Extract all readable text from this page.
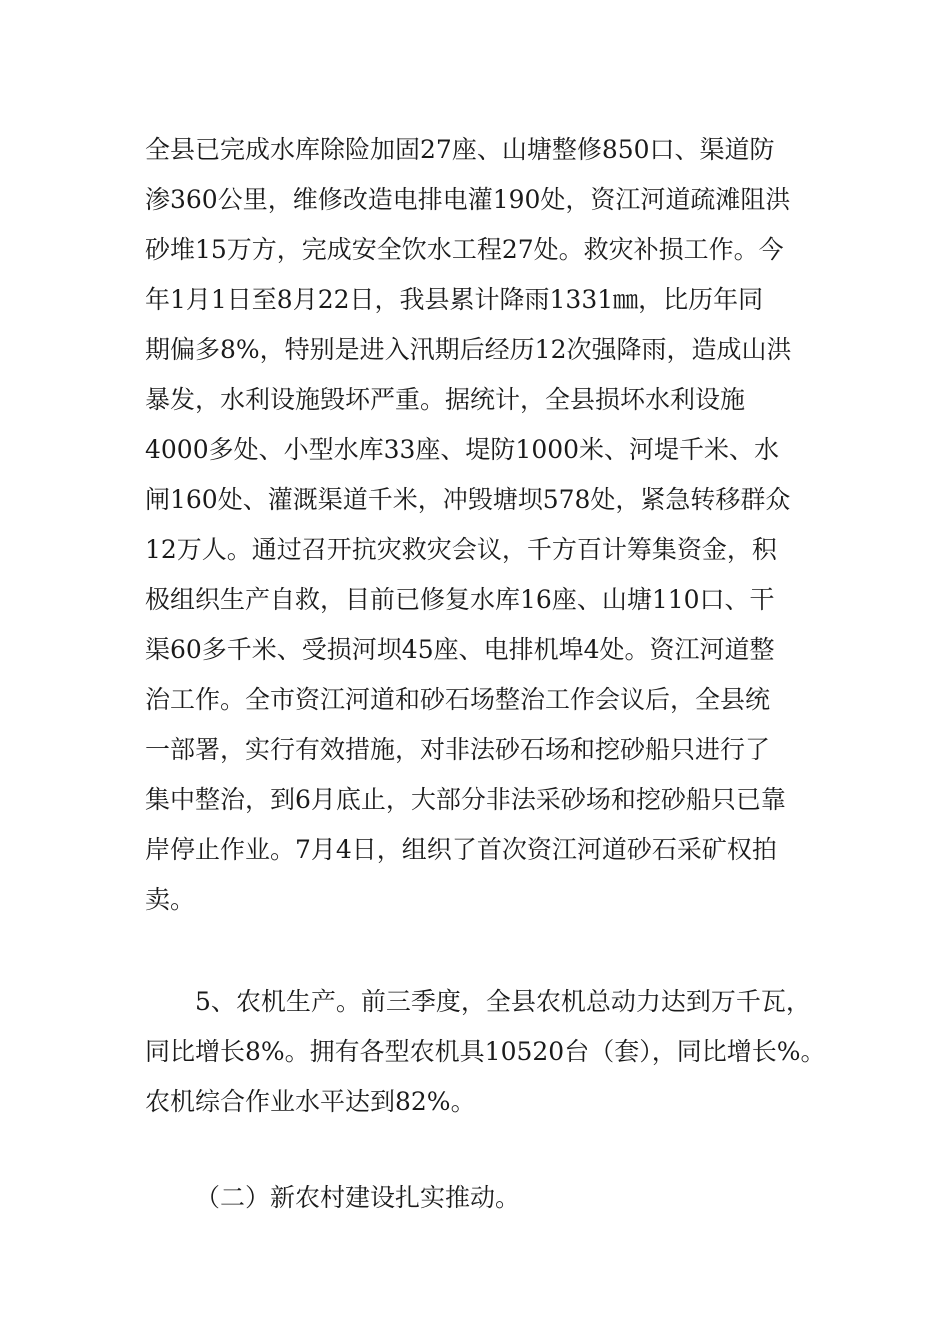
全县已完成水库除险加固27座、山塘整修850口、渠道防
渗360公里，维修改造电排电灌190处，资江河道疏滩阻洪
砂堆15万方，完成安全饮水工程27处。救灾补损工作。今
年1月1日至8月22日，我县累计降雨1331㎜，比历年同
期偏多8%，特别是进入汛期后经历12次强降雨，造成山洪
暴发，水利设施毁坏严重。据统计，全县损坏水利设施
4000多处、小型水库33座、堤防1000米、河堤千米、水
闸160处、灌溉渠道千米，冲毁塘坝578处，紧急转移群众
12万人。通过召开抗灾救灾会议，千方百计筹集资金，积
极组织生产自救，目前已修复水库16座、山塘110口、干
渠60多千米、受损河坝45座、电排机埠4处。资江河道整
治工作。全市资江河道和砂石场整治工作会议后，全县统
一部署，实行有效措施，对非法砂石场和挖砂船只进行了
集中整治，到6月底止，大部分非法采砂场和挖砂船只已靠
岸停止作业。7月4日，组织了首次资江河道砂石采矿权拍
卖。
5、农机生产。前三季度，全县农机总动力达到万千瓦，
同比增长8%。拥有各型农机具10520台（套），同比增长%。
农机综合作业水平达到82%。
（二）新农村建设扎实推动。
